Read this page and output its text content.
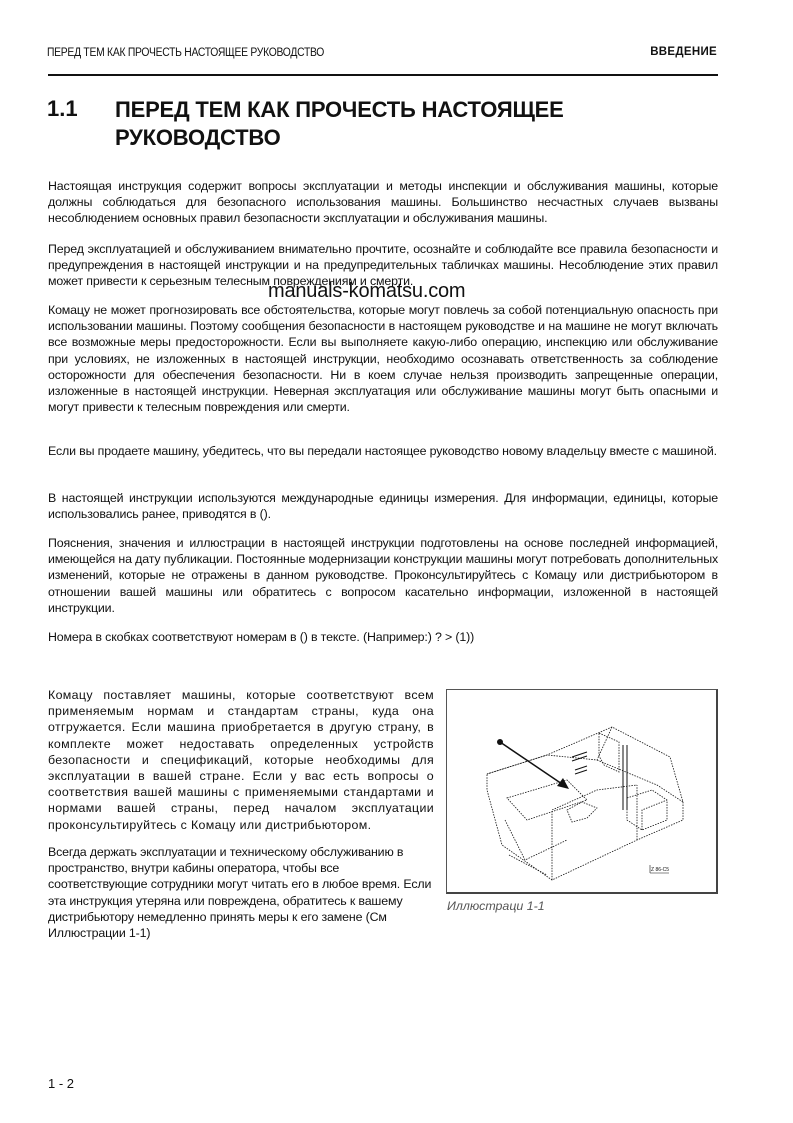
ПЕРЕД ТЕМ КАК ПРОЧЕСТЬ НАСТОЯЩЕЕ РУКОВОДСТВО	ВВЕДЕНИЕ
1.1 ПЕРЕД ТЕМ КАК ПРОЧЕСТЬ НАСТОЯЩЕЕ РУКОВОДСТВО
Настоящая инструкция содержит вопросы эксплуатации и методы инспекции и обслуживания машины, которые должны соблюдаться для безопасного использования машины. Большинство несчастных случаев вызваны несоблюдением основных правил безопасности эксплуатации и обслуживания машины.
Перед эксплуатацией и обслуживанием внимательно прочтите, осознайте и соблюдайте все правила безопасности и предупреждения в настоящей инструкции и на предупредительных табличках машины. Несоблюдение этих правил может привести к серьезным телесным повреждениям и смерти.
manuals-komatsu.com
Комацу не может прогнозировать все обстоятельства, которые могут повлечь за собой потенциальную опасность при использовании машины. Поэтому сообщения безопасности в настоящем руководстве и на машине не могут включать все возможные меры предосторожности. Если вы выполняете какую-либо операцию, инспекцию или обслуживание при условиях, не изложенных в настоящей инструкции, необходимо осознавать ответственность за соблюдение осторожности для обеспечения безопасности. Ни в коем случае нельзя производить запрещенные операции, изложенные в настоящей инструкции. Неверная эксплуатация или обслуживание машины могут быть опасными и могут привести к телесным повреждения или смерти.
Если вы продаете машину, убедитесь, что вы передали настоящее руководство новому владельцу вместе с машиной.
В настоящей инструкции используются международные единицы измерения. Для информации, единицы, которые использовались ранее, приводятся в ().
Пояснения, значения и иллюстрации в настоящей инструкции подготовлены на основе последней информацией, имеющейся на дату публикации. Постоянные модернизации конструкции машины могут потребовать дополнительных изменений, которые не отражены в данном руководстве. Проконсультируйтесь с Комацу или дистрибьютором в отношении вашей машины или обратитесь с вопросом касательно информации, изложенной в настоящей инструкции.
Номера в скобках соответствуют номерам в () в тексте. (Например:) ? > (1))
Комацу поставляет машины, которые соответствуют всем применяемым нормам и стандартам страны, куда она отгружается. Если машина приобретается в другую страну, в комплекте может недоставать определенных устройств безопасности и спецификаций, которые необходимы для эксплуатации в вашей стране. Если у вас есть вопросы о соответствия вашей машины с применяемыми стандартами и нормами вашей страны, перед началом эксплуатации проконсультируйтесь с Комацу или дистрибьютором.
Всегда держать эксплуатации и техническому обслуживанию в пространство, внутри кабины оператора, чтобы все соответствующие сотрудники могут читать его в любое время. Если эта инструкция утеряна или повреждена, обратитесь к вашему дистрибьютору немедленно принять меры к его замене (См Иллюстрации 1-1)
Z 86-C5
Иллюстраци 1-1
1 - 2
